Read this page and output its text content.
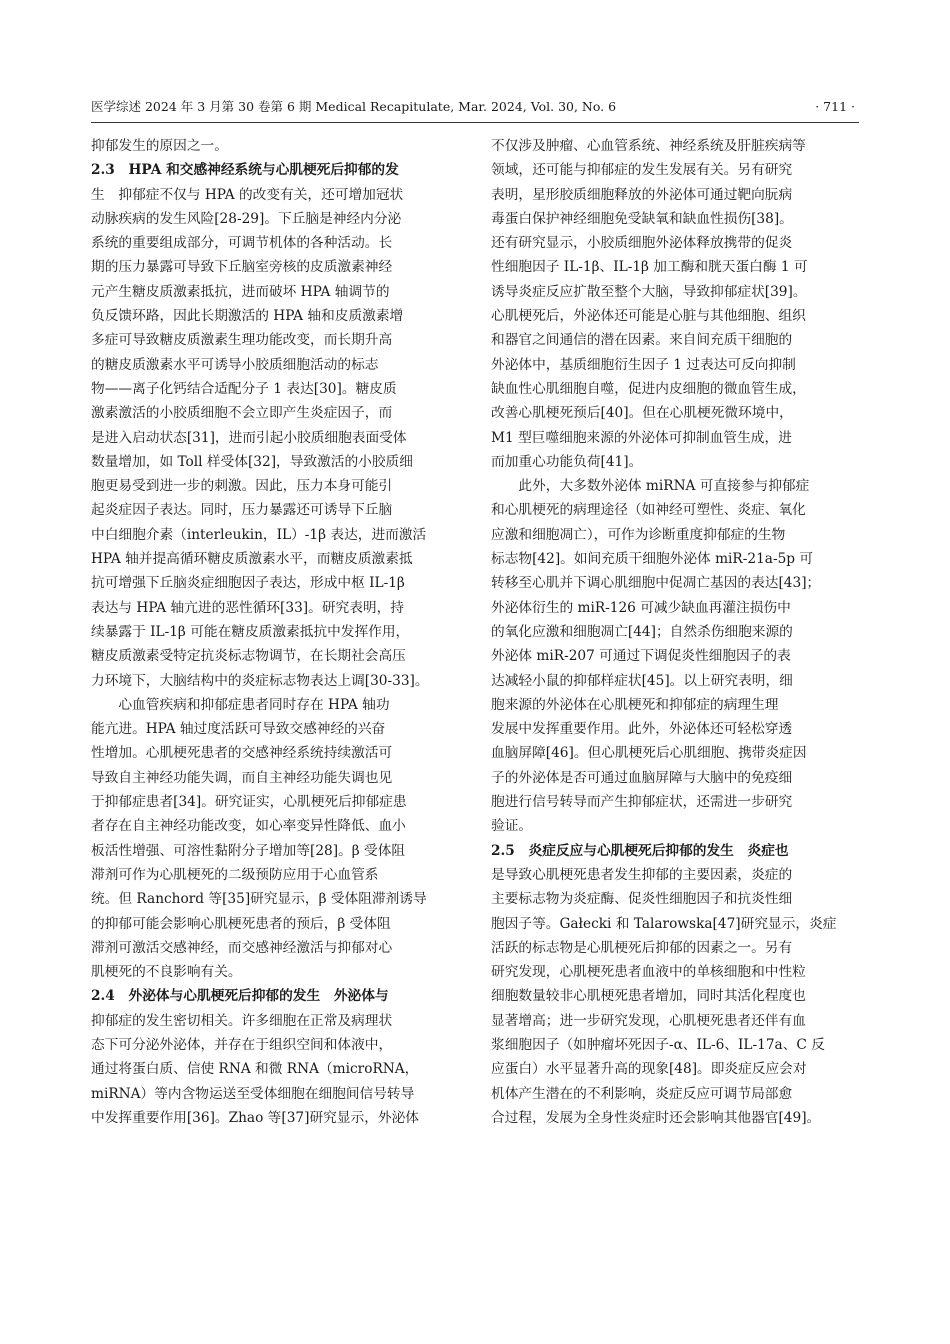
医学综述 2024 年 3 月第 30 卷第 6 期 Medical Recapitulate, Mar. 2024, Vol. 30, No. 6	· 711 ·
抑郁发生的原因之一。
2.3　HPA 和交感神经系统与心肌梗死后抑郁的发
生　抑郁症不仅与 HPA 的改变有关，还可增加冠状
动脉疾病的发生风险[28-29]。下丘脑是神经内分泌
系统的重要组成部分，可调节机体的各种活动。长
期的压力暴露可导致下丘脑室旁核的皮质激素神经
元产生糖皮质激素抵抗，进而破坏 HPA 轴调节的
负反馈环路，因此长期激活的 HPA 轴和皮质激素增
多症可导致糖皮质激素生理功能改变，而长期升高
的糖皮质激素水平可诱导小胶质细胞活动的标志
物——离子化钙结合适配分子 1 表达[30]。糖皮质
激素激活的小胶质细胞不会立即产生炎症因子，而
是进入启动状态[31]，进而引起小胶质细胞表面受体
数量增加，如 Toll 样受体[32]，导致激活的小胶质细
胞更易受到进一步的刺激。因此，压力本身可能引
起炎症因子表达。同时，压力暴露还可诱导下丘脑
中白细胞介素（interleukin，IL）-1β 表达，进而激活
HPA 轴并提高循环糖皮质激素水平，而糖皮质激素抵
抗可增强下丘脑炎症细胞因子表达，形成中枢 IL-1β
表达与 HPA 轴亢进的恶性循环[33]。研究表明，持
续暴露于 IL-1β 可能在糖皮质激素抵抗中发挥作用，
糖皮质激素受特定抗炎标志物调节，在长期社会高压
力环境下，大脑结构中的炎症标志物表达上调[30-33]。
　　心血管疾病和抑郁症患者同时存在 HPA 轴功
能亢进。HPA 轴过度活跃可导致交感神经的兴奋
性增加。心肌梗死患者的交感神经系统持续激活可
导致自主神经功能失调，而自主神经功能失调也见
于抑郁症患者[34]。研究证实，心肌梗死后抑郁症患
者存在自主神经功能改变，如心率变异性降低、血小
板活性增强、可溶性黏附分子增加等[28]。β 受体阻
滞剂可作为心肌梗死的二级预防应用于心血管系
统。但 Ranchord 等[35]研究显示，β 受体阻滞剂诱导
的抑郁可能会影响心肌梗死患者的预后，β 受体阻
滞剂可激活交感神经，而交感神经激活与抑郁对心
肌梗死的不良影响有关。
2.4　外泌体与心肌梗死后抑郁的发生　外泌体与
抑郁症的发生密切相关。许多细胞在正常及病理状
态下可分泌外泌体，并存在于组织空间和体液中，
通过将蛋白质、信使 RNA 和微 RNA（microRNA，
miRNA）等内含物运送至受体细胞在细胞间信号转导
中发挥重要作用[36]。Zhao 等[37]研究显示，外泌体
不仅涉及肿瘤、心血管系统、神经系统及肝脏疾病等
领域，还可能与抑郁症的发生发展有关。另有研究
表明，星形胶质细胞释放的外泌体可通过靶向朊病
毒蛋白保护神经细胞免受缺氧和缺血性损伤[38]。
还有研究显示，小胶质细胞外泌体释放携带的促炎
性细胞因子 IL-1β、IL-1β 加工酶和胱天蛋白酶 1 可
诱导炎症反应扩散至整个大脑，导致抑郁症状[39]。
心肌梗死后，外泌体还可能是心脏与其他细胞、组织
和器官之间通信的潜在因素。来自间充质干细胞的
外泌体中，基质细胞衍生因子 1 过表达可反向抑制
缺血性心肌细胞自噬，促进内皮细胞的微血管生成，
改善心肌梗死预后[40]。但在心肌梗死微环境中，
M1 型巨噬细胞来源的外泌体可抑制血管生成，进
而加重心功能负荷[41]。
　　此外，大多数外泌体 miRNA 可直接参与抑郁症
和心肌梗死的病理途径（如神经可塑性、炎症、氧化
应激和细胞凋亡），可作为诊断重度抑郁症的生物
标志物[42]。如间充质干细胞外泌体 miR-21a-5p 可
转移至心肌并下调心肌细胞中促凋亡基因的表达[43]；
外泌体衍生的 miR-126 可减少缺血再灌注损伤中
的氧化应激和细胞凋亡[44]；自然杀伤细胞来源的
外泌体 miR-207 可通过下调促炎性细胞因子的表
达减轻小鼠的抑郁样症状[45]。以上研究表明，细
胞来源的外泌体在心肌梗死和抑郁症的病理生理
发展中发挥重要作用。此外，外泌体还可轻松穿透
血脑屏障[46]。但心肌梗死后心肌细胞、携带炎症因
子的外泌体是否可通过血脑屏障与大脑中的免疫细
胞进行信号转导而产生抑郁症状，还需进一步研究
验证。
2.5　炎症反应与心肌梗死后抑郁的发生　炎症也
是导致心肌梗死患者发生抑郁的主要因素，炎症的
主要标志物为炎症酶、促炎性细胞因子和抗炎性细
胞因子等。Gałecki 和 Talarowska[47]研究显示，炎症
活跃的标志物是心肌梗死后抑郁的因素之一。另有
研究发现，心肌梗死患者血液中的单核细胞和中性粒
细胞数量较非心肌梗死患者增加，同时其活化程度也
显著增高；进一步研究发现，心肌梗死患者还伴有血
浆细胞因子（如肿瘤坏死因子-α、IL-6、IL-17a、C 反
应蛋白）水平显著升高的现象[48]。即炎症反应会对
机体产生潜在的不利影响，炎症反应可调节局部愈
合过程，发展为全身性炎症时还会影响其他器官[49]。
